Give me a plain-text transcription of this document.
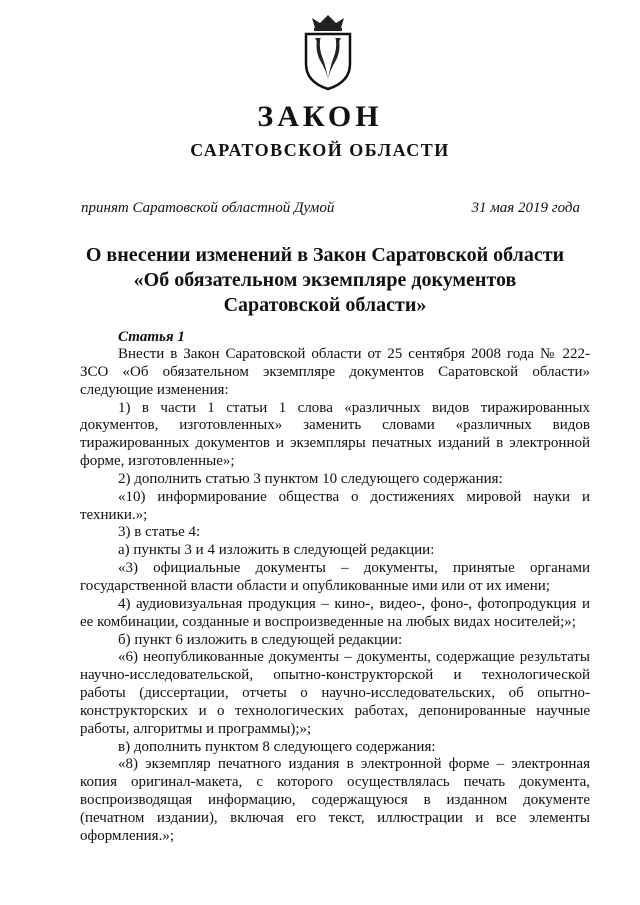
ЗАКОН
САРАТОВСКОЙ ОБЛАСТИ
принят Саратовской областной Думой	31 мая 2019 года
О внесении изменений в Закон Саратовской области
«Об обязательном экземпляре документов
Саратовской области»
Статья 1

Внести в Закон Саратовской области от 25 сентября 2008 года № 222-ЗСО «Об обязательном экземпляре документов Саратовской области» следующие изменения:

1) в части 1 статьи 1 слова «различных видов тиражированных документов, изготовленных» заменить словами «различных видов тиражированных документов и экземпляры печатных изданий в электронной форме, изготовленные»;

2) дополнить статью 3 пунктом 10 следующего содержания:

«10) информирование общества о достижениях мировой науки и техники.»;

3) в статье 4:

а) пункты 3 и 4 изложить в следующей редакции:

«3) официальные документы – документы, принятые органами государственной власти области и опубликованные ими или от их имени;

4) аудиовизуальная продукция – кино-, видео-, фоно-, фотопродукция и ее комбинации, созданные и воспроизведенные на любых видах носителей;»;

б) пункт 6 изложить в следующей редакции:

«6) неопубликованные документы – документы, содержащие результаты научно-исследовательской, опытно-конструкторской и технологической работы (диссертации, отчеты о научно-исследовательских, об опытно-конструкторских и о технологических работах, депонированные научные работы, алгоритмы и программы);»;

в) дополнить пунктом 8 следующего содержания:

«8) экземпляр печатного издания в электронной форме – электронная копия оригинал-макета, с которого осуществлялась печать документа, воспроизводящая информацию, содержащуюся в изданном документе (печатном издании), включая его текст, иллюстрации и все элементы оформления.»;
